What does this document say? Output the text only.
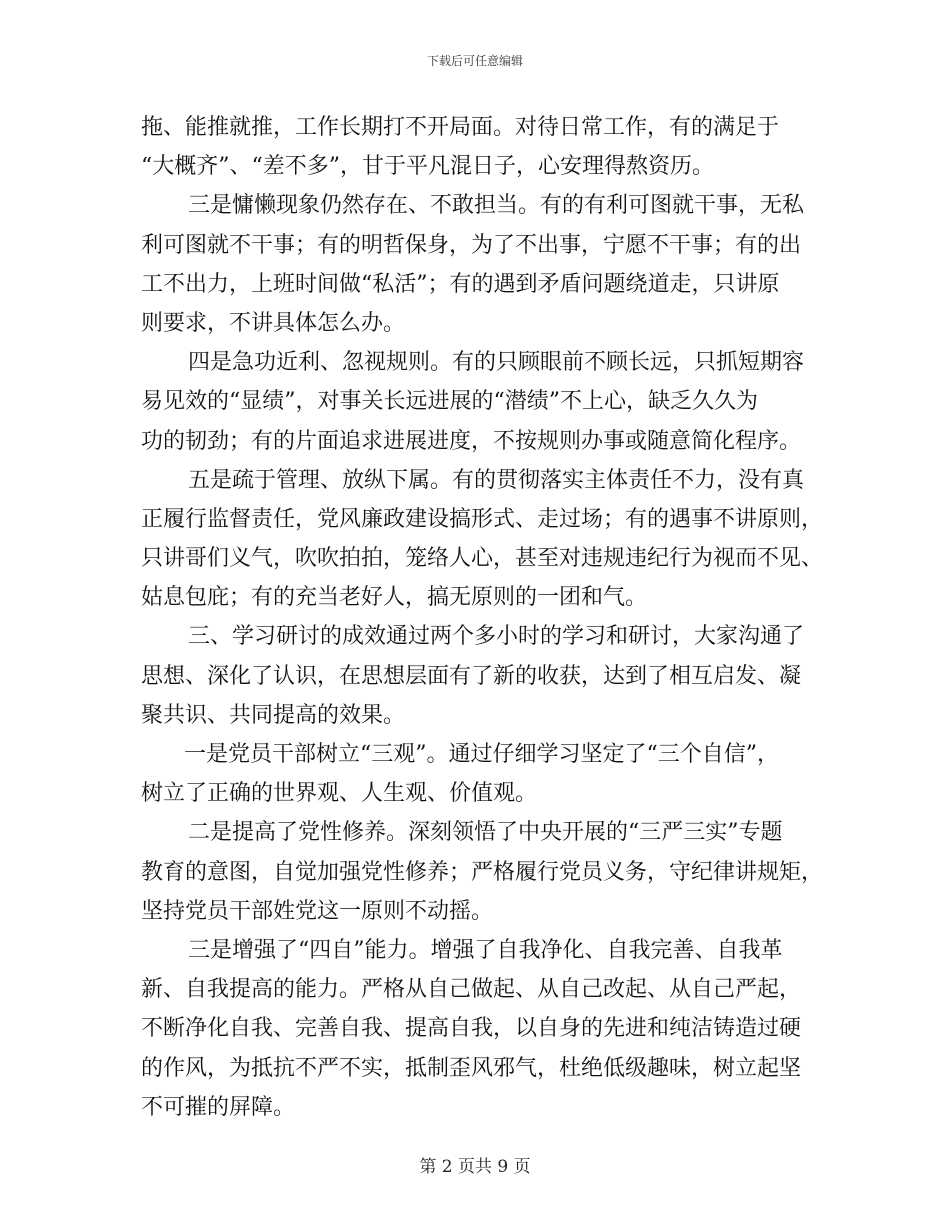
下载后可任意编辑
拖、能推就推，工作长期打不开局面。对待日常工作，有的满足于
“大概齐”、“差不多”，甘于平凡混日子，心安理得熬资历。
三是慵懒现象仍然存在、不敢担当。有的有利可图就干事，无私
利可图就不干事；有的明哲保身，为了不出事，宁愿不干事；有的出
工不出力，上班时间做“私活”；有的遇到矛盾问题绕道走，只讲原
则要求，不讲具体怎么办。
四是急功近利、忽视规则。有的只顾眼前不顾长远，只抓短期容
易见效的“显绩”，对事关长远进展的“潜绩”不上心，缺乏久久为
功的韧劲；有的片面追求进展进度，不按规则办事或随意简化程序。
五是疏于管理、放纵下属。有的贯彻落实主体责任不力，没有真
正履行监督责任，党风廉政建设搞形式、走过场；有的遇事不讲原则，
只讲哥们义气，吹吹拍拍，笼络人心，甚至对违规违纪行为视而不见、
姑息包庇；有的充当老好人，搞无原则的一团和气。
三、学习研讨的成效通过两个多小时的学习和研讨，大家沟通了
思想、深化了认识，在思想层面有了新的收获，达到了相互启发、凝
聚共识、共同提高的效果。
一是党员干部树立“三观”。通过仔细学习坚定了“三个自信”，
树立了正确的世界观、人生观、价值观。
二是提高了党性修养。深刻领悟了中央开展的“三严三实”专题
教育的意图，自觉加强党性修养；严格履行党员义务，守纪律讲规矩，
坚持党员干部姓党这一原则不动摇。
三是增强了“四自”能力。增强了自我净化、自我完善、自我革
新、自我提高的能力。严格从自己做起、从自己改起、从自己严起，
不断净化自我、完善自我、提高自我，以自身的先进和纯洁铸造过硬
的作风，为抵抗不严不实，抵制歪风邪气，杜绝低级趣味，树立起坚
不可摧的屏障。
第 2 页共 9 页
